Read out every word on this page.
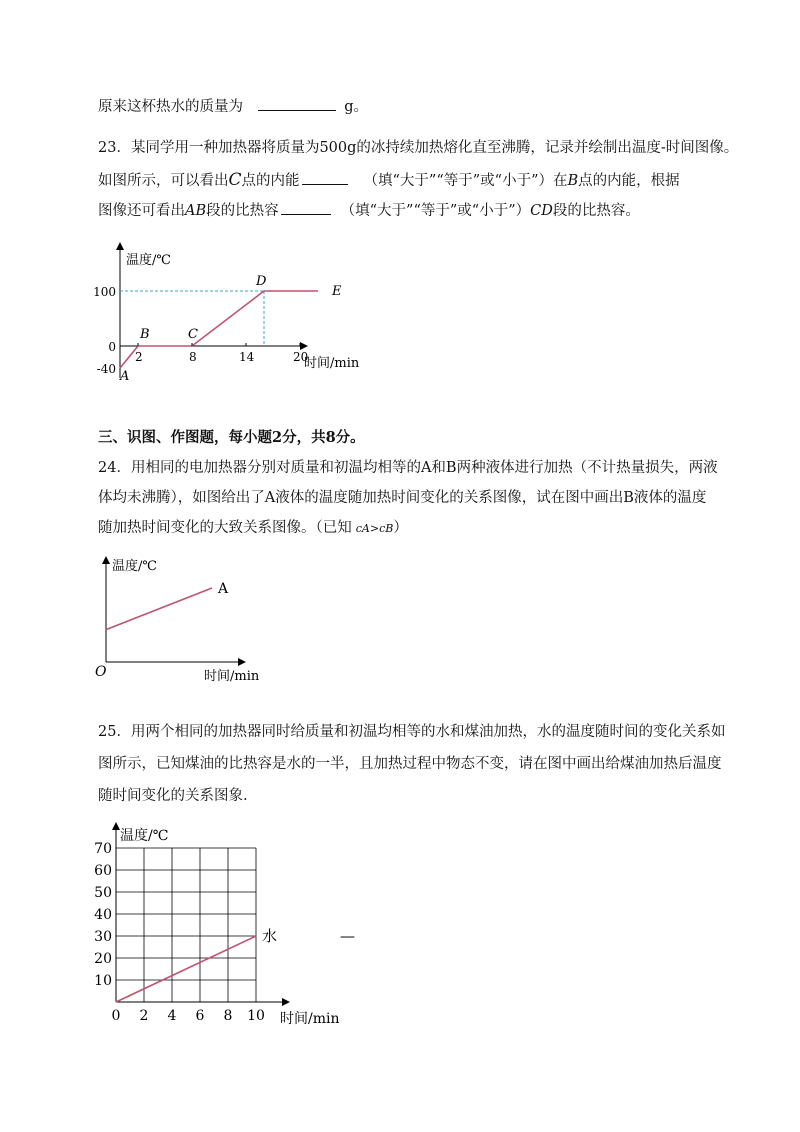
原来这杯热水的质量为	g。
23．某同学用一种加热器将质量为500g的冰持续加热熔化直至沸腾，记录并绘制出温度-时间图像。
如图所示，可以看出C点的内能	（填“大于”“等于”或“小于”）在B点的内能，根据
图像还可看出AB段的比热容	（填“大于”“等于”或“小于”）CD段的比热容。
温度/℃
时间/min
2	8	14	20
100
0
-40 A
B	C
D
E
三、识图、作图题，每小题2分，共8分。
24．用相同的电加热器分别对质量和初温均相等的A和B两种液体进行加热（不计热量损失，两液
体均未沸腾），如图给出了A液体的温度随加热时间变化的关系图像，试在图中画出B液体的温度
随加热时间变化的大致关系图像。（已知 cA>cB）
温度/℃
时间/min
O
A
25．用两个相同的加热器同时给质量和初温均相等的水和煤油加热，水的温度随时间的变化关系如
图所示，已知煤油的比热容是水的一半，且加热过程中物态不变，请在图中画出给煤油加热后温度
随时间变化的关系图象.
温度/℃
时间/min
0 2 4 6 8 10
10
20
30
40
50
60
70
水	—
